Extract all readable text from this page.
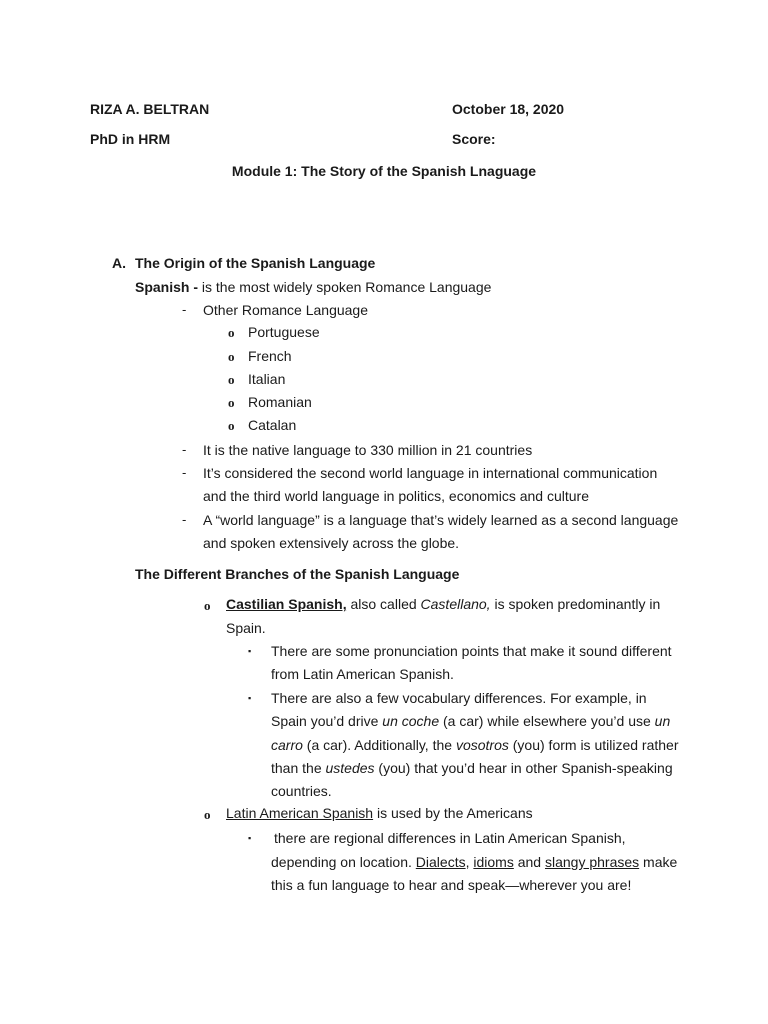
RIZA A. BELTRAN	October 18, 2020
PhD in HRM	Score:
Module 1: The Story of the Spanish Lnaguage
A. The Origin of the Spanish Language
Spanish - is the most widely spoken Romance Language
- Other Romance Language
o Portuguese
o French
o Italian
o Romanian
o Catalan
- It is the native language to 330 million in 21 countries
- It’s considered the second world language in international communication
and the third world language in politics, economics and culture
- A “world language” is a language that’s widely learned as a second language
and spoken extensively across the globe.
The Different Branches of the Spanish Language
o Castilian Spanish, also called Castellano, is spoken predominantly in
Spain.
▪ There are some pronunciation points that make it sound different
from Latin American Spanish.
▪ There are also a few vocabulary differences. For example, in
Spain you’d drive un coche (a car) while elsewhere you’d use un
carro (a car). Additionally, the vosotros (you) form is utilized rather
than the ustedes (you) that you’d hear in other Spanish-speaking
countries.
o Latin American Spanish is used by the Americans
▪ there are regional differences in Latin American Spanish,
depending on location. Dialects, idioms and slangy phrases make
this a fun language to hear and speak—wherever you are!
